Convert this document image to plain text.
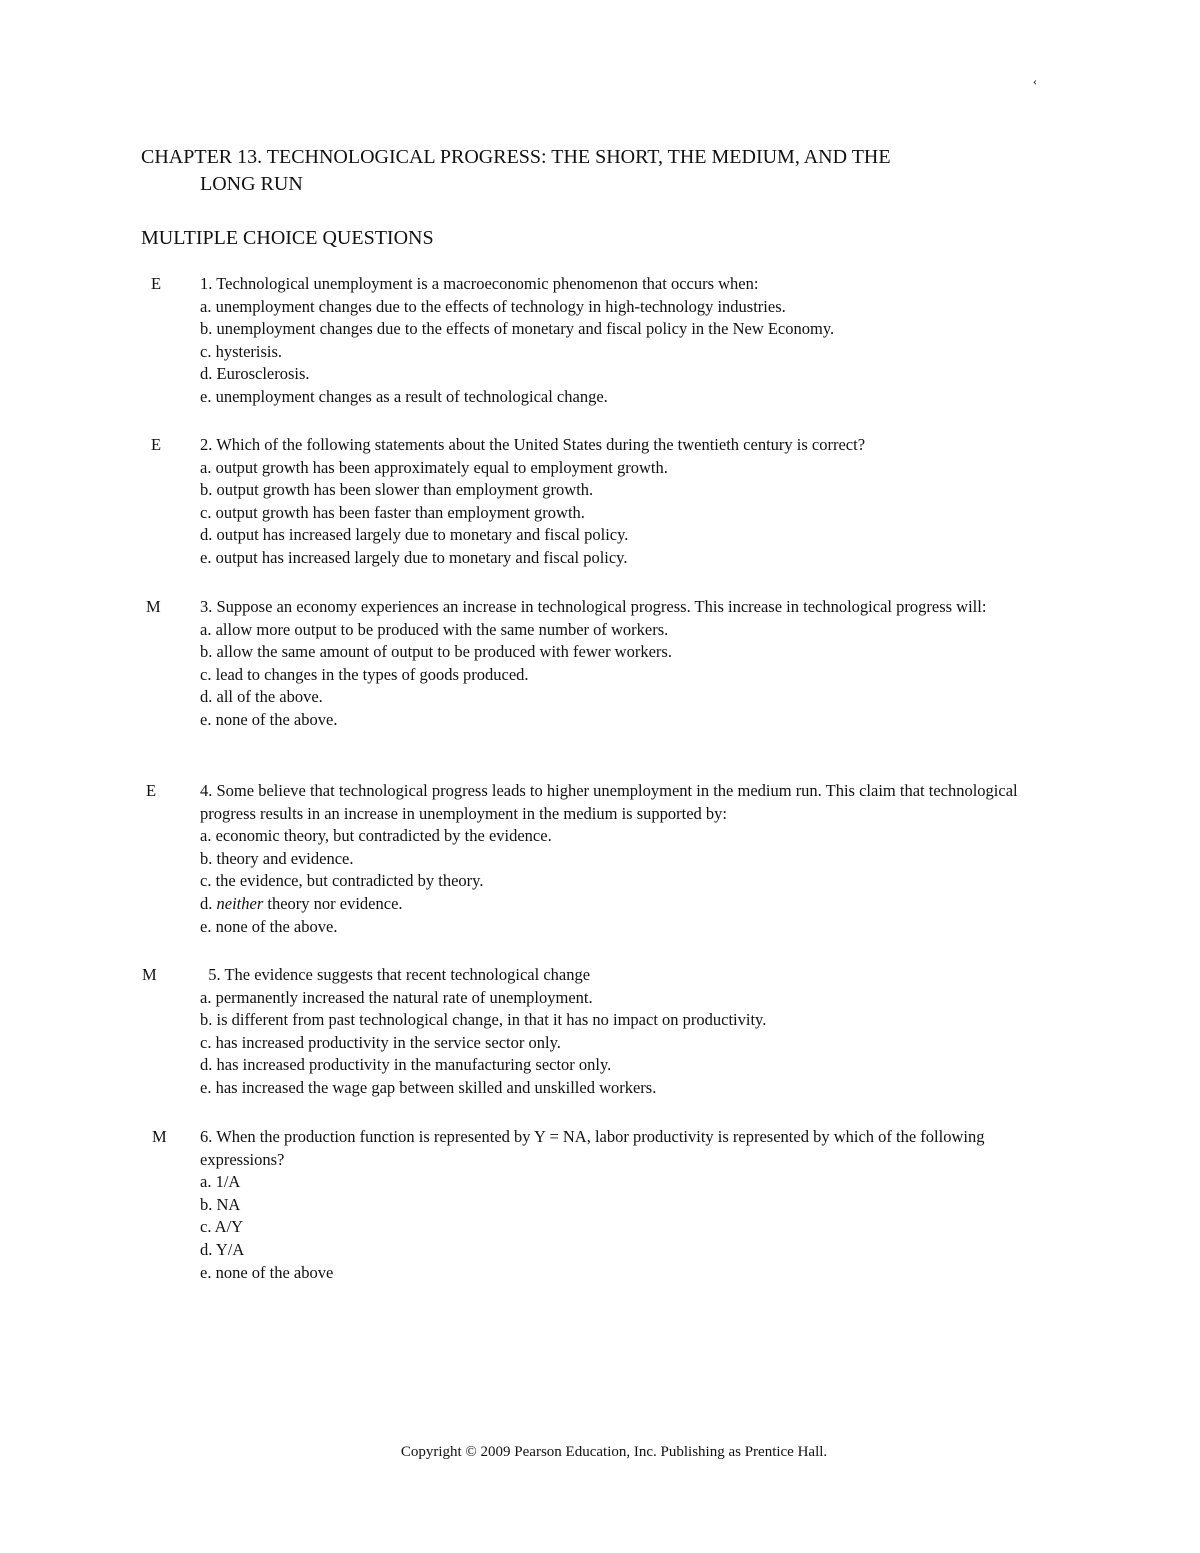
‹
CHAPTER 13. TECHNOLOGICAL PROGRESS: THE SHORT, THE MEDIUM, AND THE
LONG RUN
MULTIPLE CHOICE QUESTIONS
E	1. Technological unemployment is a macroeconomic phenomenon that occurs when:
a. unemployment changes due to the effects of technology in high-technology industries.
b. unemployment changes due to the effects of monetary and fiscal policy in the New Economy.
c. hysterisis.
d. Eurosclerosis.
e. unemployment changes as a result of technological change.
E	2. Which of the following statements about the United States during the twentieth century is correct?
a. output growth has been approximately equal to employment growth.
b. output growth has been slower than employment growth.
c. output growth has been faster than employment growth.
d. output has increased largely due to monetary and fiscal policy.
e. output has increased largely due to monetary and fiscal policy.
M	3. Suppose an economy experiences an increase in technological progress. This increase in technological progress will:
a. allow more output to be produced with the same number of workers.
b. allow the same amount of output to be produced with fewer workers.
c. lead to changes in the types of goods produced.
d. all of the above.
e. none of the above.
E	4. Some believe that technological progress leads to higher unemployment in the medium run. This claim that technological progress results in an increase in unemployment in the medium is supported by:
a. economic theory, but contradicted by the evidence.
b. theory and evidence.
c. the evidence, but contradicted by theory.
d. neither theory nor evidence.
e. none of the above.
M	5. The evidence suggests that recent technological change
a. permanently increased the natural rate of unemployment.
b. is different from past technological change, in that it has no impact on productivity.
c. has increased productivity in the service sector only.
d. has increased productivity in the manufacturing sector only.
e. has increased the wage gap between skilled and unskilled workers.
M	6. When the production function is represented by Y = NA, labor productivity is represented by which of the following expressions?
a. 1/A
b. NA
c. A/Y
d. Y/A
e. none of the above
Copyright © 2009 Pearson Education, Inc. Publishing as Prentice Hall.
